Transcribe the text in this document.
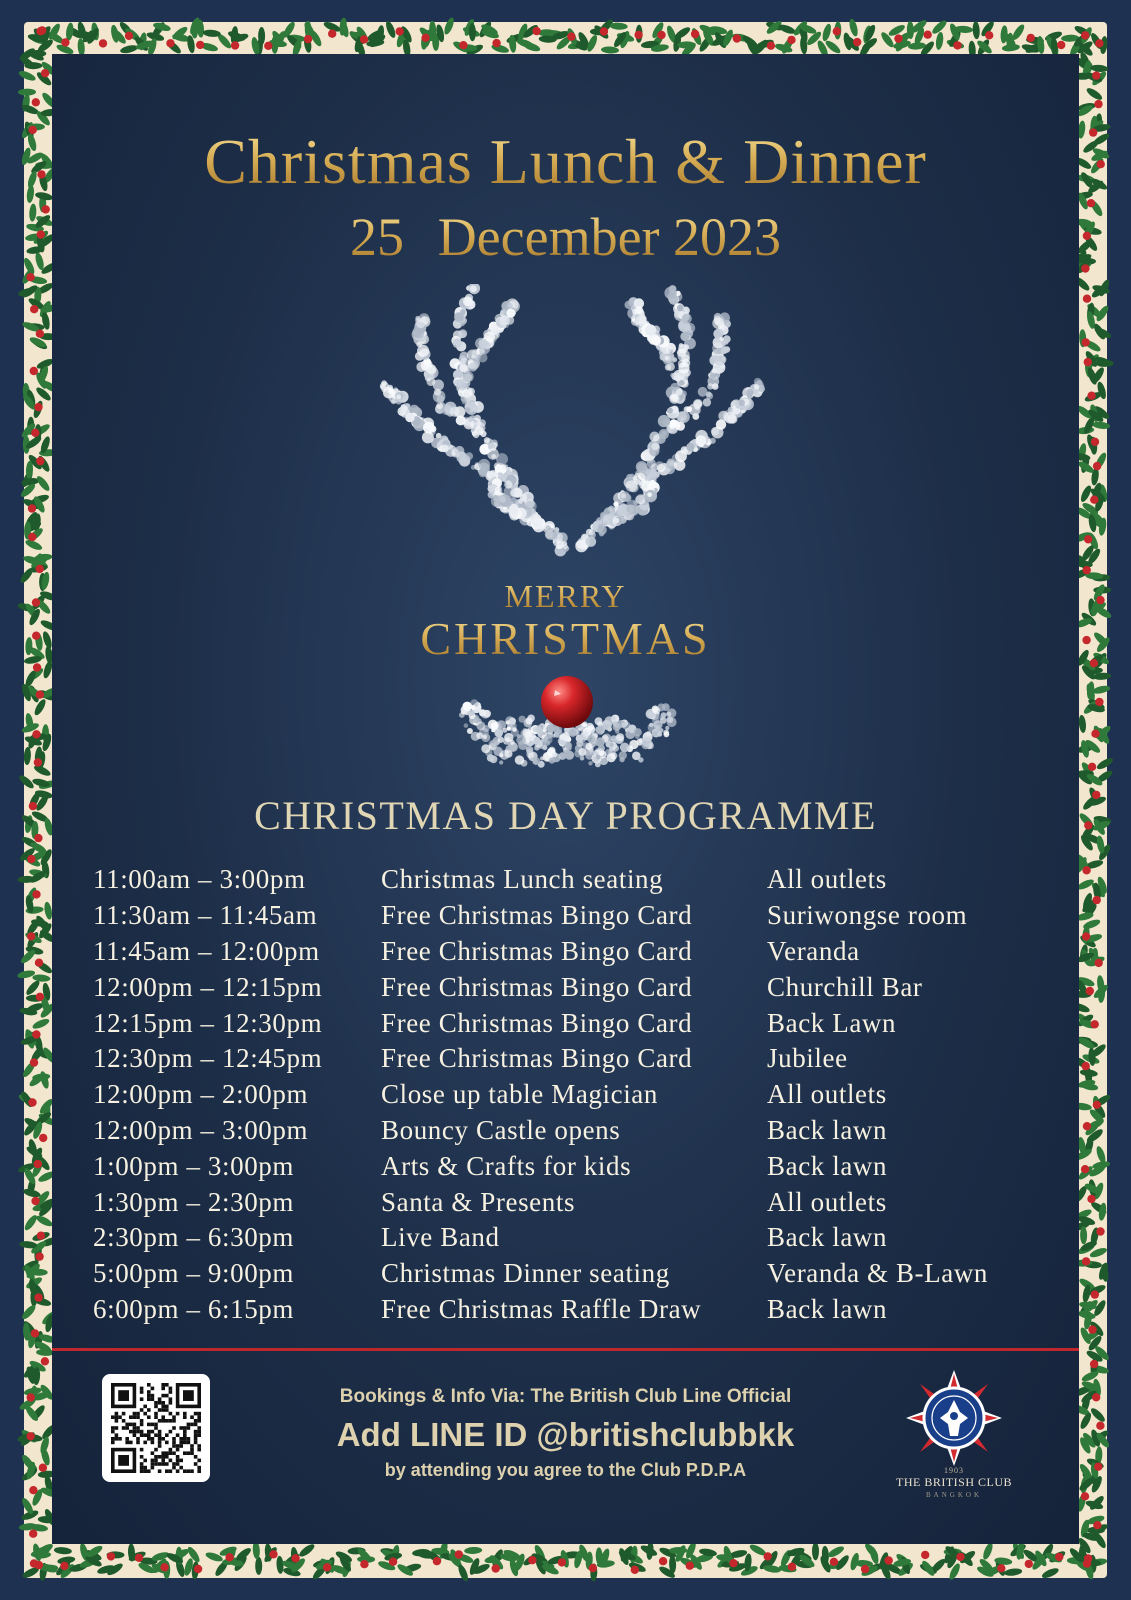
Christmas Lunch & Dinner
25th December 2023
MERRY
CHRISTMAS
CHRISTMAS DAY PROGRAMME
11:00am – 3:00pm	Christmas Lunch seating	All outlets
11:30am – 11:45am	Free Christmas Bingo Card	Suriwongse room
11:45am – 12:00pm	Free Christmas Bingo Card	Veranda
12:00pm – 12:15pm	Free Christmas Bingo Card	Churchill Bar
12:15pm – 12:30pm	Free Christmas Bingo Card	Back Lawn
12:30pm – 12:45pm	Free Christmas Bingo Card	Jubilee
12:00pm – 2:00pm	Close up table Magician	All outlets
12:00pm – 3:00pm	Bouncy Castle opens	Back lawn
1:00pm – 3:00pm	Arts & Crafts for kids	Back lawn
1:30pm – 2:30pm	Santa & Presents	All outlets
2:30pm – 6:30pm	Live Band	Back lawn
5:00pm – 9:00pm	Christmas Dinner seating	Veranda & B-Lawn
6:00pm – 6:15pm	Free Christmas Raffle Draw	Back lawn
Bookings & Info Via: The British Club Line Official
Add LINE ID @britishclubbkk
by attending you agree to the Club P.D.P.A	1903
THE BRITISH CLUB
BANGKOK
